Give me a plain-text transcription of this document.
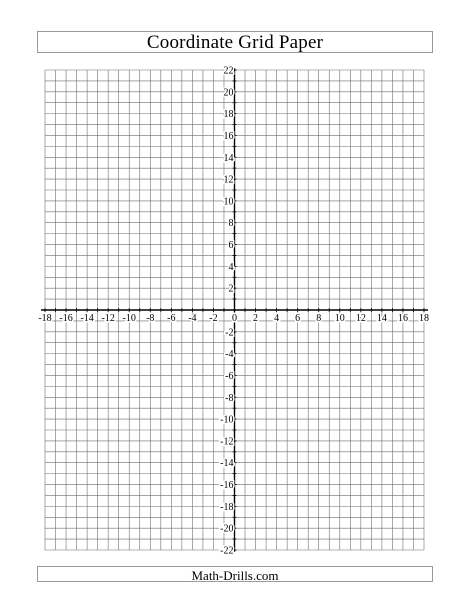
Coordinate Grid Paper
-18 -16 -14 -12 -10 -8 -6 -4 -2 0 2 4 6 8 10 12 14 16 18
22
20
18
16
14
12
10
8
6
4
2
-2
-4
-6
-8
-10
-12
-14
-16
-18
-20
-22
Math-Drills.com
